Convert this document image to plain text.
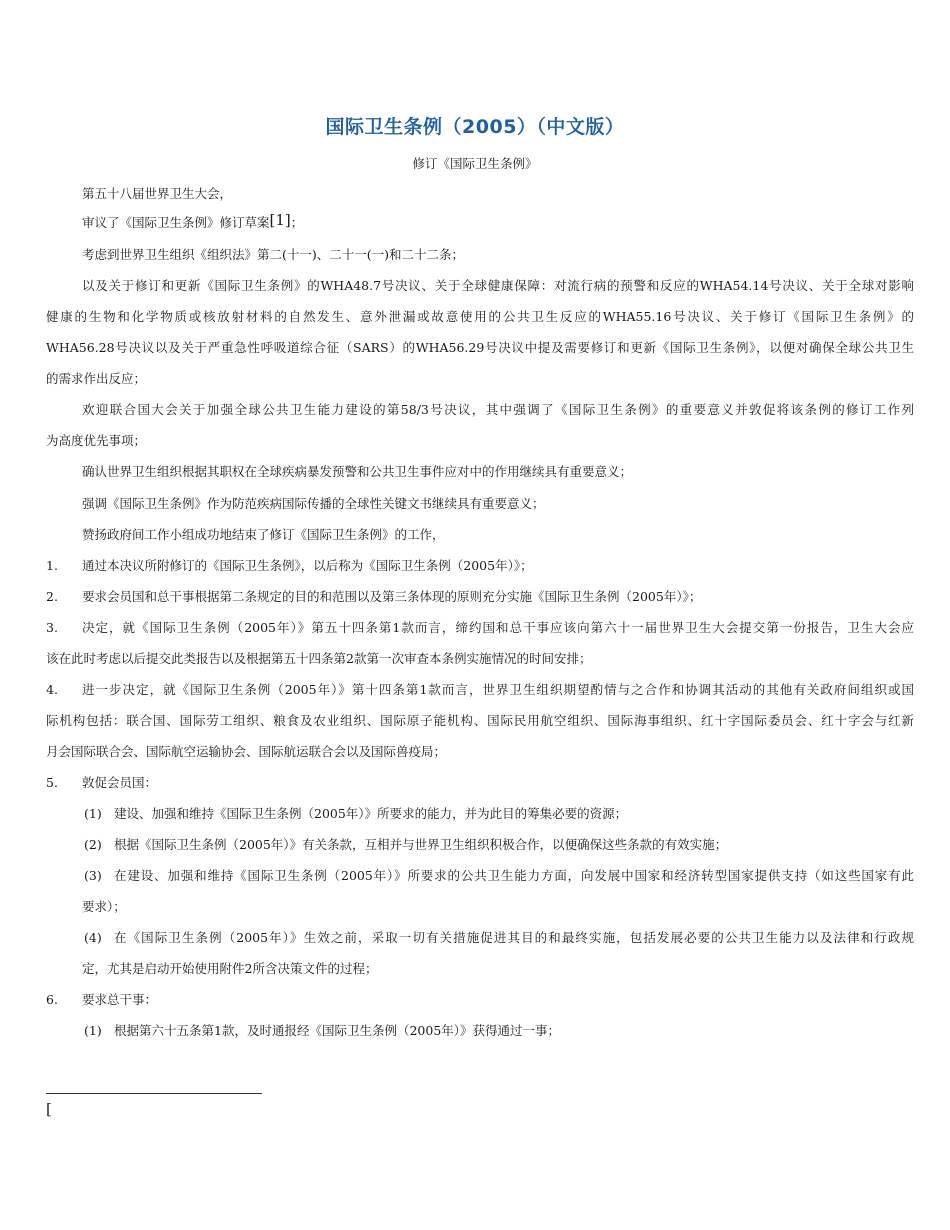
国际卫生条例（2005）（中文版）
修订《国际卫生条例》
第五十八届世界卫生大会，
审议了《国际卫生条例》修订草案[1]；
考虑到世界卫生组织《组织法》第二(十一)、二十一(一)和二十二条；
以及关于修订和更新《国际卫生条例》的WHA48.7号决议、关于全球健康保障：对流行病的预警和反应的WHA54.14号决议、关于全球对影响
健康的生物和化学物质或核放射材料的自然发生、意外泄漏或故意使用的公共卫生反应的WHA55.16号决议、关于修订《国际卫生条例》的
WHA56.28号决议以及关于严重急性呼吸道综合征（SARS）的WHA56.29号决议中提及需要修订和更新《国际卫生条例》，以便对确保全球公共卫生
的需求作出反应；
欢迎联合国大会关于加强全球公共卫生能力建设的第58/3号决议，其中强调了《国际卫生条例》的重要意义并敦促将该条例的修订工作列
为高度优先事项；
确认世界卫生组织根据其职权在全球疾病暴发预警和公共卫生事件应对中的作用继续具有重要意义；
强调《国际卫生条例》作为防范疾病国际传播的全球性关键文书继续具有重要意义；
赞扬政府间工作小组成功地结束了修订《国际卫生条例》的工作，
1. 通过本决议所附修订的《国际卫生条例》，以后称为《国际卫生条例（2005年）》；
2. 要求会员国和总干事根据第二条规定的目的和范围以及第三条体现的原则充分实施《国际卫生条例（2005年）》；
3. 决定，就《国际卫生条例（2005年）》第五十四条第1款而言，缔约国和总干事应该向第六十一届世界卫生大会提交第一份报告，卫生大会应
该在此时考虑以后提交此类报告以及根据第五十四条第2款第一次审查本条例实施情况的时间安排；
4. 进一步决定，就《国际卫生条例（2005年）》第十四条第1款而言，世界卫生组织期望酌情与之合作和协调其活动的其他有关政府间组织或国
际机构包括：联合国、国际劳工组织、粮食及农业组织、国际原子能机构、国际民用航空组织、国际海事组织、红十字国际委员会、红十字会与红新
月会国际联合会、国际航空运输协会、国际航运联合会以及国际兽疫局；
5. 敦促会员国：
(1) 建设、加强和维持《国际卫生条例（2005年）》所要求的能力，并为此目的筹集必要的资源；
(2) 根据《国际卫生条例（2005年）》有关条款，互相并与世界卫生组织积极合作，以便确保这些条款的有效实施；
(3) 在建设、加强和维持《国际卫生条例（2005年）》所要求的公共卫生能力方面，向发展中国家和经济转型国家提供支持（如这些国家有此
要求）；
(4) 在《国际卫生条例（2005年）》生效之前，采取一切有关措施促进其目的和最终实施，包括发展必要的公共卫生能力以及法律和行政规
定，尤其是启动开始使用附件2所含决策文件的过程；
6. 要求总干事：
(1) 根据第六十五条第1款，及时通报经《国际卫生条例（2005年）》获得通过一事；
[
